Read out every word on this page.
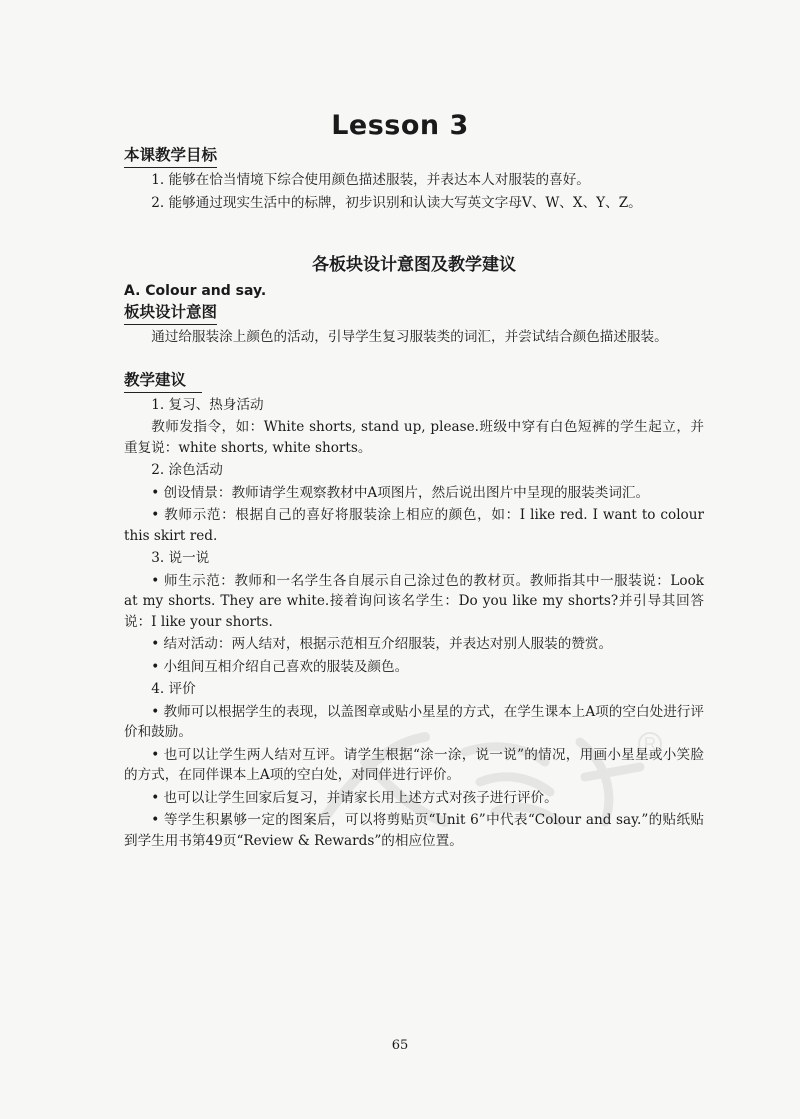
Lesson 3
本课教学目标

1. 能够在恰当情境下综合使用颜色描述服装，并表达本人对服装的喜好。

2. 能够通过现实生活中的标牌，初步识别和认读大写英文字母V、W、X、Y、Z。

各板块设计意图及教学建议

A. Colour and say.

板块设计意图

通过给服装涂上颜色的活动，引导学生复习服装类的词汇，并尝试结合颜色描述服装。

教学建议

1. 复习、热身活动

教师发指令，如：White shorts, stand up, please.班级中穿有白色短裤的学生起立，并重复说：white shorts, white shorts。

2. 涂色活动

• 创设情景：教师请学生观察教材中A项图片，然后说出图片中呈现的服装类词汇。

• 教师示范：根据自己的喜好将服装涂上相应的颜色，如：I like red. I want to colour this skirt red.

3. 说一说

• 师生示范：教师和一名学生各自展示自己涂过色的教材页。教师指其中一服装说：Look at my shorts. They are white.接着询问该名学生：Do you like my shorts?并引导其回答说：I like your shorts.

• 结对活动：两人结对，根据示范相互介绍服装，并表达对别人服装的赞赏。

• 小组间互相介绍自己喜欢的服装及颜色。

4. 评价

• 教师可以根据学生的表现，以盖图章或贴小星星的方式，在学生课本上A项的空白处进行评价和鼓励。

• 也可以让学生两人结对互评。请学生根据“涂一涂，说一说”的情况，用画小星星或小笑脸的方式，在同伴课本上A项的空白处，对同伴进行评价。

• 也可以让学生回家后复习，并请家长用上述方式对孩子进行评价。

• 等学生积累够一定的图案后，可以将剪贴页“Unit 6”中代表“Colour and say.”的贴纸贴到学生用书第49页“Review & Rewards”的相应位置。

65
